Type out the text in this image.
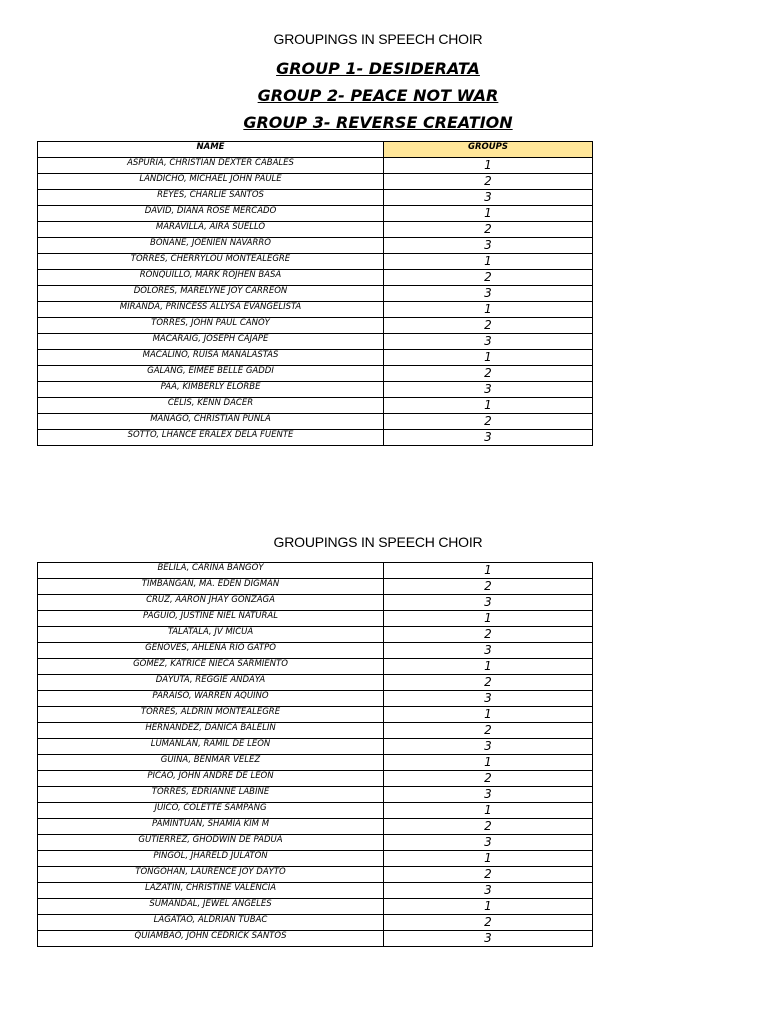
GROUPINGS IN SPEECH CHOIR
GROUP 1- DESIDERATA
GROUP 2- PEACE NOT WAR
GROUP 3- REVERSE CREATION
NAME	GROUPS
ASPURIA, CHRISTIAN DEXTER CABALES	1
LANDICHO, MICHAEL JOHN PAULE	2
REYES, CHARLIE SANTOS	3
DAVID, DIANA ROSE MERCADO	1
MARAVILLA, AIRA SUELLO	2
BONANE, JOENIEN NAVARRO	3
TORRES, CHERRYLOU MONTEALEGRE	1
RONQUILLO, MARK ROJHEN BASA	2
DOLORES, MARELYNE JOY CARREON	3
MIRANDA, PRINCESS ALLYSA EVANGELISTA	1
TORRES, JOHN PAUL CANOY	2
MACARAIG, JOSEPH CAJAPE	3
MACALINO, RUISA MANALASTAS	1
GALANG, EIMEE BELLE GADDI	2
PAA, KIMBERLY ELORBE	3
CELIS, KENN DACER	1
MAÑAGO, CHRISTIAN PUNLA	2
SOTTO, LHANCE ERALEX DELA FUENTE	3
GROUPINGS IN SPEECH CHOIR
BELILA, CARINA BANGOY	1
TIMBANGAN, MA. EDEN DIGMAN	2
CRUZ, AARON JHAY GONZAGA	3
PAGUIO, JUSTINE NIEL NATURAL	1
TALATALA, JV MICUA	2
GENOVES, AHLENA RIO GATPO	3
GOMEZ, KATRICE NIECA SARMIENTO	1
DAYUTA, REGGIE ANDAYA	2
PARAISO, WARREN AQUINO	3
TORRES, ALDRIN MONTEALEGRE	1
HERNANDEZ, DANICA BALELIN	2
LUMANLAN, RAMIL DE LEON	3
GUINA, BENMAR VELEZ	1
PICAO, JOHN ANDRE DE LEON	2
TORRES, EDRIANNE LABINE	3
JUICO, COLETTE SAMPANG	1
PAMINTUAN, SHAMIA KIM M	2
GUTIERREZ, GHODWIN DE PADUA	3
PINGOL, JHARELD JULATON	1
TONGOHAN, LAURENCE JOY DAYTO	2
LAZATIN, CHRISTINE VALENCIA	3
SUMANDAL, JEWEL ANGELES	1
LAGATAO, ALDRIAN TUBAC	2
QUIAMBAO, JOHN CEDRICK SANTOS	3
